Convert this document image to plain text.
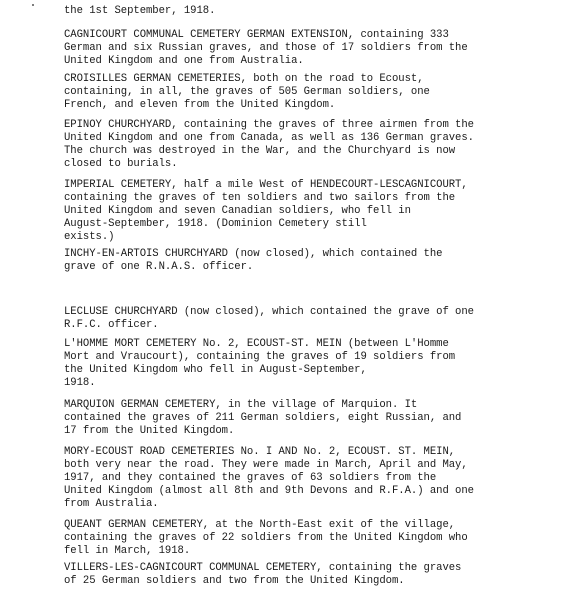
the 1st September, 1918.

CAGNICOURT COMMUNAL CEMETERY GERMAN EXTENSION, containing 333
German and six Russian graves, and those of 17 soldiers from the
United Kingdom and one from Australia.

CROISILLES GERMAN CEMETERIES, both on the road to Ecoust,
containing, in all, the graves of 505 German soldiers, one
French, and eleven from the United Kingdom.

EPINOY CHURCHYARD, containing the graves of three airmen from the
United Kingdom and one from Canada, as well as 136 German graves.
The church was destroyed in the War, and the Churchyard is now
closed to burials.

IMPERIAL CEMETERY, half a mile West of HENDECOURT-LESCAGNICOURT,
containing the graves of ten soldiers and two sailors from the
United Kingdom and seven Canadian soldiers, who fell in
August-September, 1918. (Dominion Cemetery still
exists.)

INCHY-EN-ARTOIS CHURCHYARD (now closed), which contained the
grave of one R.N.A.S. officer.

LECLUSE CHURCHYARD (now closed), which contained the grave of one
R.F.C. officer.

L'HOMME MORT CEMETERY No. 2, ECOUST-ST. MEIN (between L'Homme
Mort and Vraucourt), containing the graves of 19 soldiers from
the United Kingdom who fell in August-September,
1918.

MARQUION GERMAN CEMETERY, in the village of Marquion. It
contained the graves of 211 German soldiers, eight Russian, and
17 from the United Kingdom.

MORY-ECOUST ROAD CEMETERIES No. I AND No. 2, ECOUST. ST. MEIN,
both very near the road. They were made in March, April and May,
1917, and they contained the graves of 63 soldiers from the
United Kingdom (almost all 8th and 9th Devons and R.F.A.) and one
from Australia.

QUEANT GERMAN CEMETERY, at the North-East exit of the village,
containing the graves of 22 soldiers from the United Kingdom who
fell in March, 1918.

VILLERS-LES-CAGNICOURT COMMUNAL CEMETERY, containing the graves
of 25 German soldiers and two from the United Kingdom.
